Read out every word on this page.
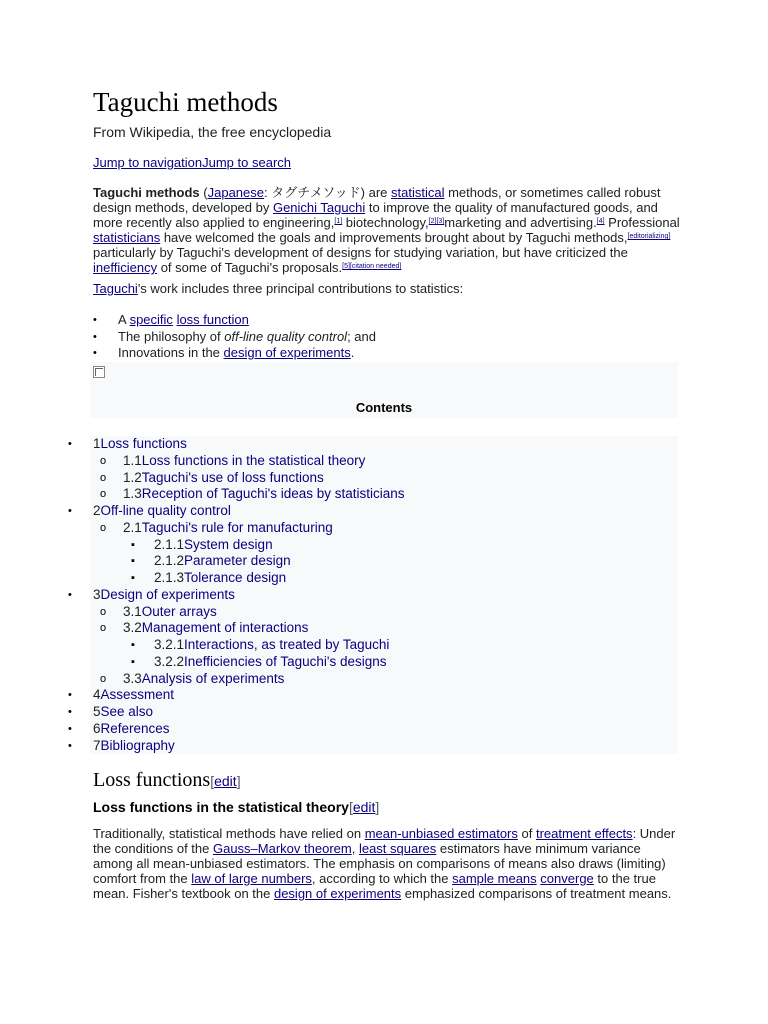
Taguchi methods
From Wikipedia, the free encyclopedia
Jump to navigationJump to search
Taguchi methods (Japanese: タグチメソッド) are statistical methods, or sometimes called robust design methods, developed by Genichi Taguchi to improve the quality of manufactured goods, and more recently also applied to engineering,[1] biotechnology,[2][3]marketing and advertising.[4] Professional statisticians have welcomed the goals and improvements brought about by Taguchi methods,[editorializing] particularly by Taguchi's development of designs for studying variation, but have criticized the inefficiency of some of Taguchi's proposals.[5][citation needed]
Taguchi's work includes three principal contributions to statistics:
• A specific loss function
• The philosophy of off-line quality control; and
• Innovations in the design of experiments.
Contents
• 1Loss functions
o 1.1Loss functions in the statistical theory
o 1.2Taguchi's use of loss functions
o 1.3Reception of Taguchi's ideas by statisticians
• 2Off-line quality control
o 2.1Taguchi's rule for manufacturing
▪ 2.1.1System design
▪ 2.1.2Parameter design
▪ 2.1.3Tolerance design
• 3Design of experiments
o 3.1Outer arrays
o 3.2Management of interactions
▪ 3.2.1Interactions, as treated by Taguchi
▪ 3.2.2Inefficiencies of Taguchi's designs
o 3.3Analysis of experiments
• 4Assessment
• 5See also
• 6References
• 7Bibliography
Loss functions[edit]
Loss functions in the statistical theory[edit]
Traditionally, statistical methods have relied on mean-unbiased estimators of treatment effects: Under the conditions of the Gauss–Markov theorem, least squares estimators have minimum variance among all mean-unbiased estimators. The emphasis on comparisons of means also draws (limiting) comfort from the law of large numbers, according to which the sample means converge to the true mean. Fisher's textbook on the design of experiments emphasized comparisons of treatment means.
